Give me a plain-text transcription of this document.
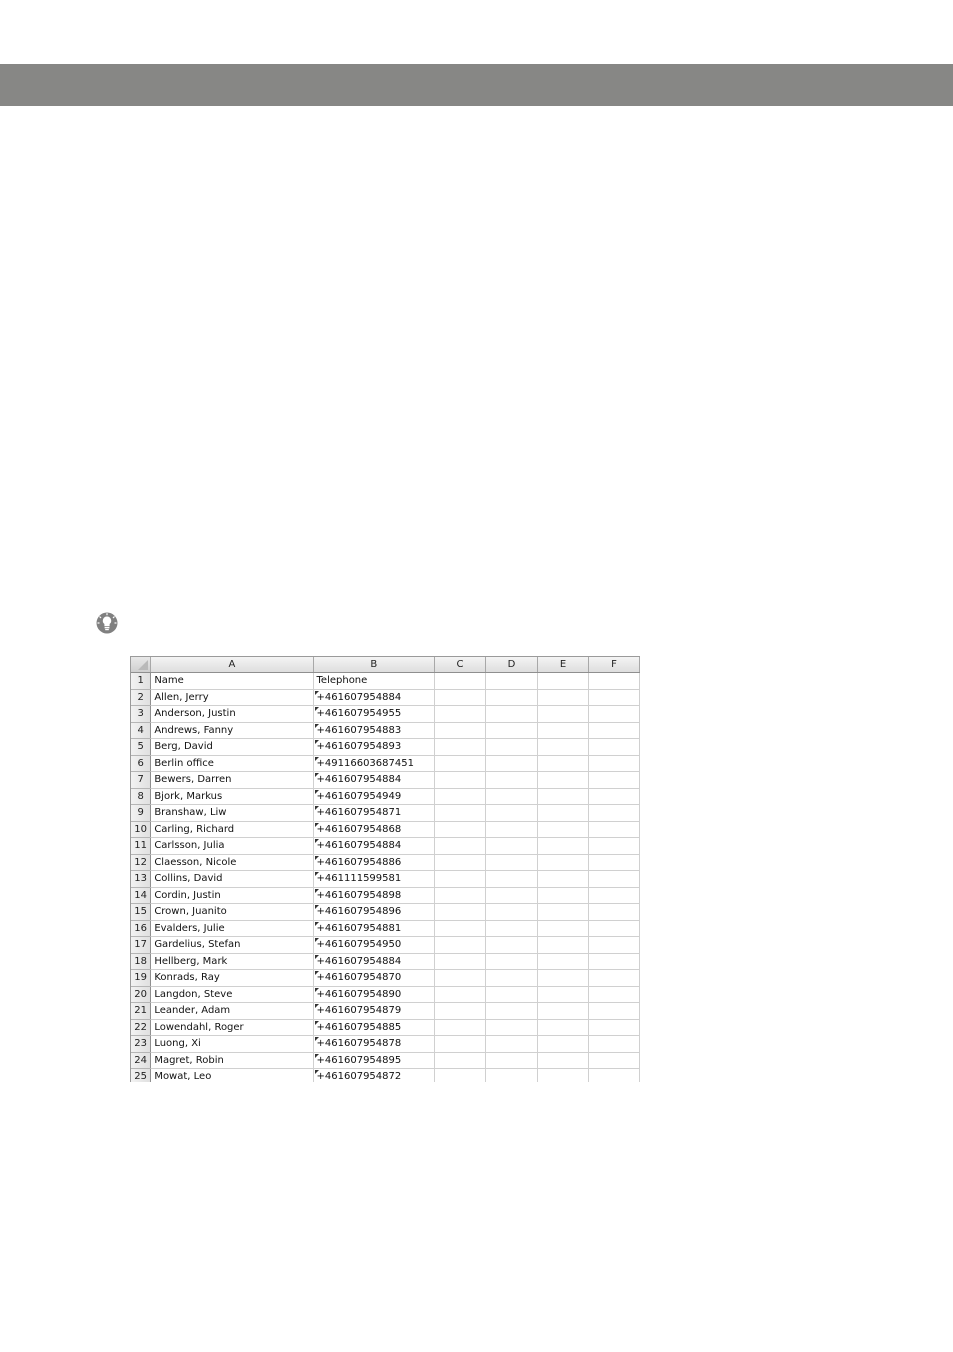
	A	B	C	D	E	F
1	Name	Telephone				
2	Allen, Jerry	+461607954884				
3	Anderson, Justin	+461607954955				
4	Andrews, Fanny	+461607954883				
5	Berg, David	+461607954893				
6	Berlin office	+49116603687451				
7	Bewers, Darren	+461607954884				
8	Bjork, Markus	+461607954949				
9	Branshaw, Liw	+461607954871				
10	Carling, Richard	+461607954868				
11	Carlsson, Julia	+461607954884				
12	Claesson, Nicole	+461607954886				
13	Collins, David	+461111599581				
14	Cordin, Justin	+461607954898				
15	Crown, Juanito	+461607954896				
16	Evalders, Julie	+461607954881				
17	Gardelius, Stefan	+461607954950				
18	Hellberg, Mark	+461607954884				
19	Konrads, Ray	+461607954870				
20	Langdon, Steve	+461607954890				
21	Leander, Adam	+461607954879				
22	Lowendahl, Roger	+461607954885				
23	Luong, Xi	+461607954878				
24	Magret, Robin	+461607954895				
25	Mowat, Leo	+461607954872				
